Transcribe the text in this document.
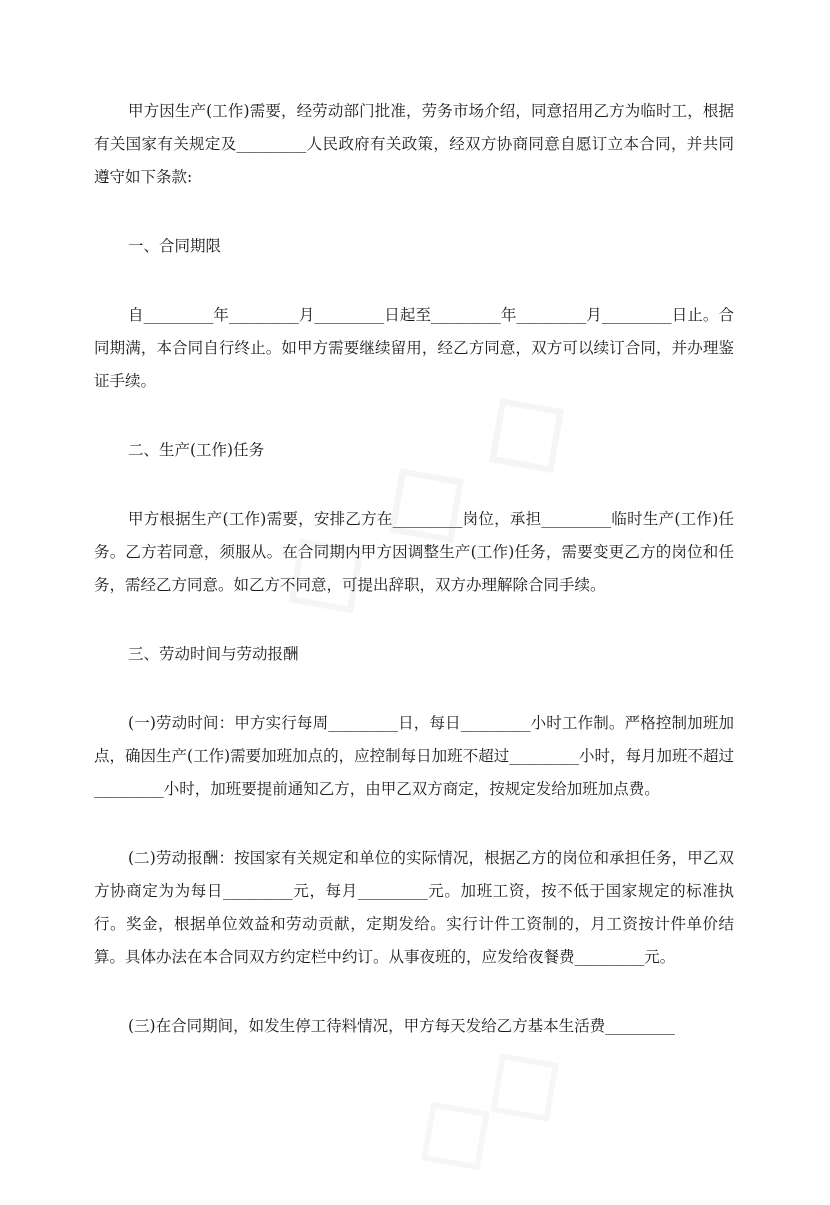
甲方因生产(工作)需要，经劳动部门批准，劳务市场介绍，同意招用乙方为临时工，根据有关国家有关规定及_________人民政府有关政策，经双方协商同意自愿订立本合同，并共同遵守如下条款:

一、合同期限

自_________年_________月_________日起至_________年_________月_________日止。合同期满，本合同自行终止。如甲方需要继续留用，经乙方同意，双方可以续订合同，并办理鉴证手续。

二、生产(工作)任务

甲方根据生产(工作)需要，安排乙方在_________岗位，承担_________临时生产(工作)任务。乙方若同意，须服从。在合同期内甲方因调整生产(工作)任务，需要变更乙方的岗位和任务，需经乙方同意。如乙方不同意，可提出辞职，双方办理解除合同手续。

三、劳动时间与劳动报酬

(一)劳动时间：甲方实行每周_________日，每日_________小时工作制。严格控制加班加点，确因生产(工作)需要加班加点的，应控制每日加班不超过_________小时，每月加班不超过_________小时，加班要提前通知乙方，由甲乙双方商定，按规定发给加班加点费。

(二)劳动报酬：按国家有关规定和单位的实际情况，根据乙方的岗位和承担任务，甲乙双方协商定为为每日_________元，每月_________元。加班工资，按不低于国家规定的标准执行。奖金，根据单位效益和劳动贡献，定期发给。实行计件工资制的，月工资按计件单价结算。具体办法在本合同双方约定栏中约订。从事夜班的，应发给夜餐费_________元。

(三)在合同期间，如发生停工待料情况，甲方每天发给乙方基本生活费_________
